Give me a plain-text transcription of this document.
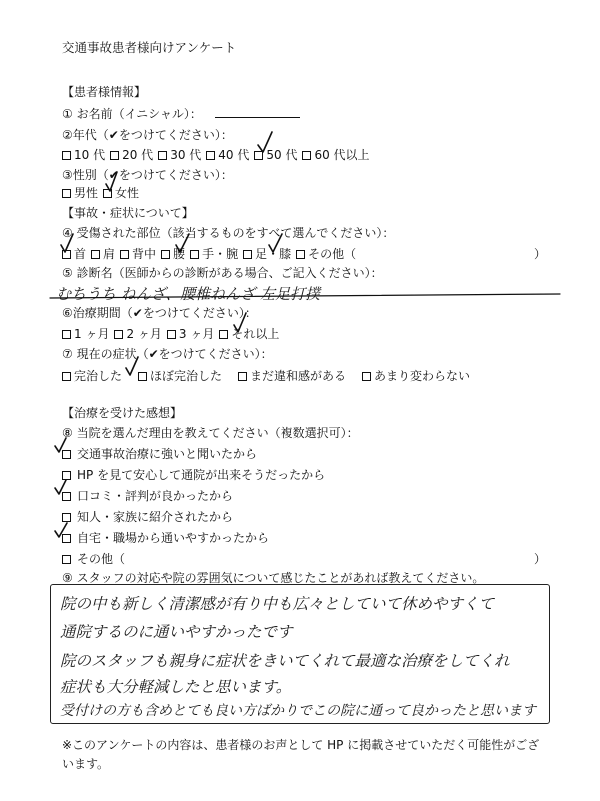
交通事故患者様向けアンケート
【患者様情報】
① お名前（イニシャル）：
②年代（✔をつけてください）：
10 代 20 代 30 代 40 代 50 代 60 代以上
③性別（✔をつけてください）：
男性 女性
【事故・症状について】
④ 受傷された部位（該当するものをすべて選んでください）：
首 肩 背中 腰 手・腕 足・膝 その他（	）
⑤ 診断名（医師からの診断がある場合、ご記入ください）：
むちうち ねんざ、腰椎ねんざ 左足打撲
⑥治療期間（✔をつけてください）：
1 ヶ月 2 ヶ月 3 ヶ月 それ以上
⑦ 現在の症状（✔をつけてください）：
完治した ほぼ完治した まだ違和感がある あまり変わらない
【治療を受けた感想】
⑧ 当院を選んだ理由を教えてください（複数選択可）：
交通事故治療に強いと聞いたから
HP を見て安心して通院が出来そうだったから
口コミ・評判が良かったから
知人・家族に紹介されたから
自宅・職場から通いやすかったから
その他（	）
⑨ スタッフの対応や院の雰囲気について感じたことがあれば教えてください。
院の中も新しく清潔感が有り中も広々としていて休めやすくて
通院するのに通いやすかったです
院のスタッフも親身に症状をきいてくれて最適な治療をしてくれ
症状も大分軽減したと思います。
受付けの方も含めとても良い方ばかりでこの院に通って良かったと思います
※このアンケートの内容は、患者様のお声として HP に掲載させていただく可能性がござ
います。
